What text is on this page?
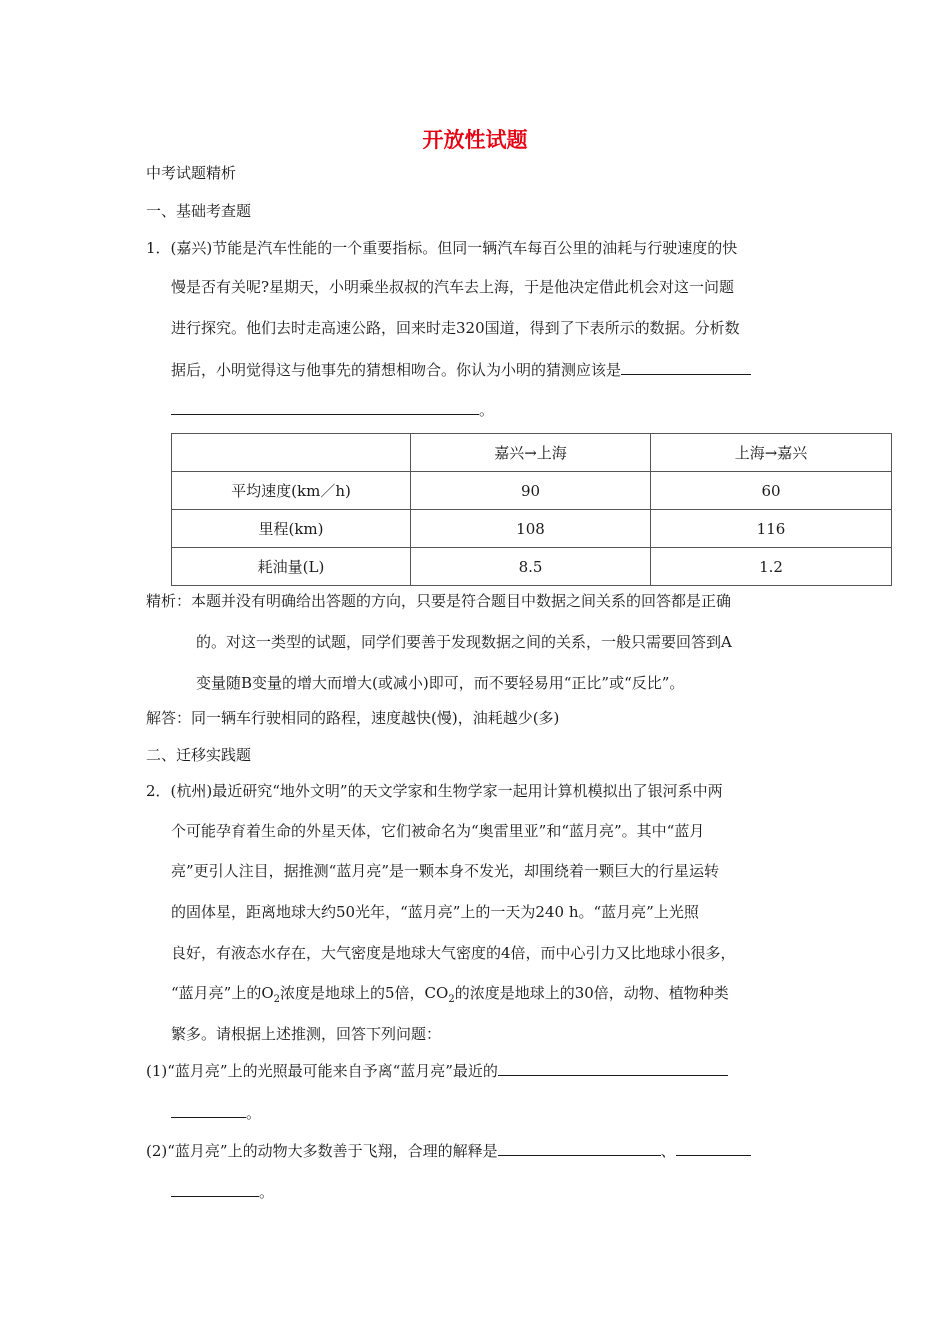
开放性试题
中考试题精析
一、基础考查题
1．(嘉兴)节能是汽车性能的一个重要指标。但同一辆汽车每百公里的油耗与行驶速度的快
慢是否有关呢?星期天，小明乘坐叔叔的汽车去上海，于是他决定借此机会对这一问题
进行探究。他们去时走高速公路，回来时走320国道，得到了下表所示的数据。分析数
据后，小明觉得这与他事先的猜想相吻合。你认为小明的猜测应该是
。
	嘉兴→上海	上海→嘉兴
平均速度(km／h)	90	60
里程(km)	108	116
耗油量(L)	8.5	1.2
精析：本题并没有明确给出答题的方向，只要是符合题目中数据之间关系的回答都是正确
的。对这一类型的试题，同学们要善于发现数据之间的关系，一般只需要回答到A
变量随B变量的增大而增大(或减小)即可，而不要轻易用“正比”或“反比”。
解答：同一辆车行驶相同的路程，速度越快(慢)，油耗越少(多)
二、迁移实践题
2．(杭州)最近研究“地外文明”的天文学家和生物学家一起用计算机模拟出了银河系中两
个可能孕育着生命的外星天体，它们被命名为“奥雷里亚”和“蓝月亮”。其中“蓝月
亮”更引人注目，据推测“蓝月亮”是一颗本身不发光，却围绕着一颗巨大的行星运转
的固体星，距离地球大约50光年，“蓝月亮”上的一天为240 h。“蓝月亮”上光照
良好，有液态水存在，大气密度是地球大气密度的4倍，而中心引力又比地球小很多，
“蓝月亮”上的$O_2$浓度是地球上的5倍，$CO_2$的浓度是地球上的30倍，动物、植物种类
繁多。请根据上述推测，回答下列问题：
(1)“蓝月亮”上的光照最可能来自予离“蓝月亮”最近的
。
(2)“蓝月亮”上的动物大多数善于飞翔，合理的解释是	、
。
